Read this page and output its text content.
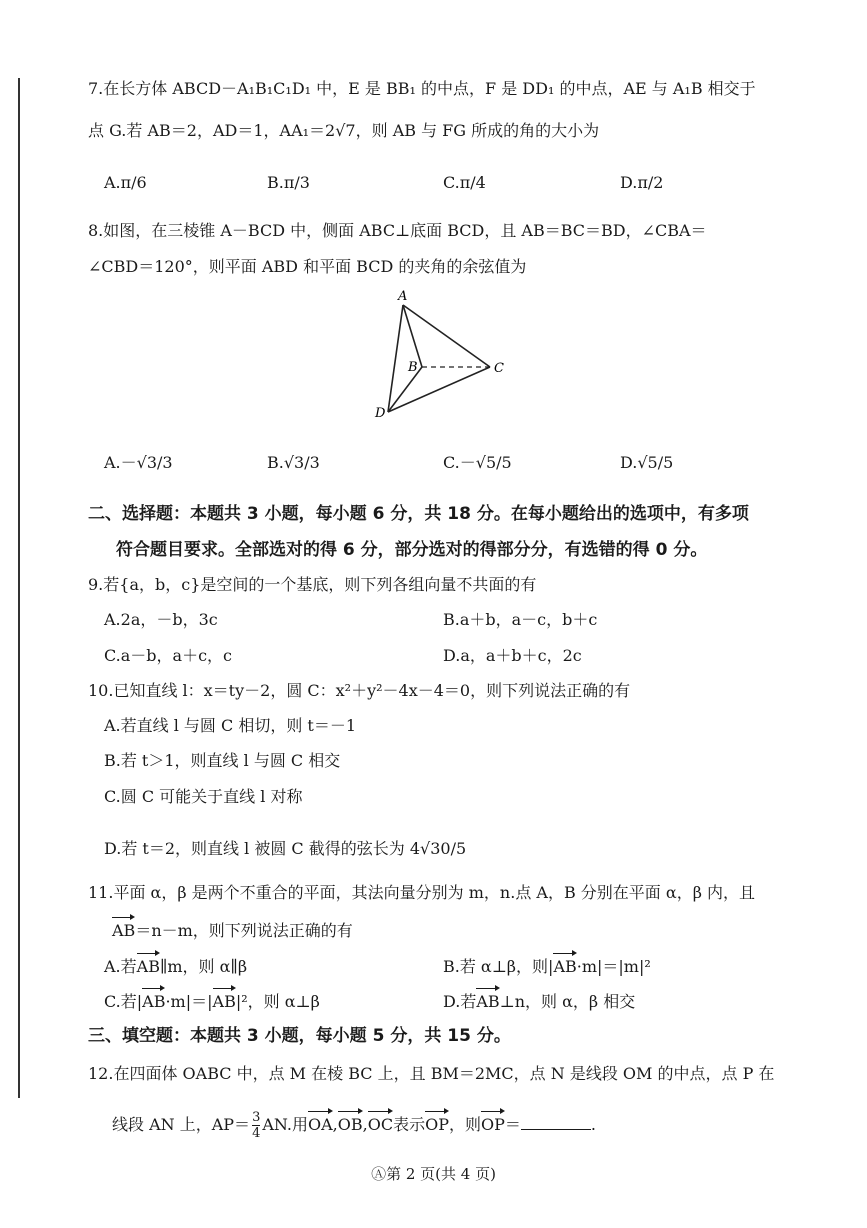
7.在长方体 ABCD－A₁B₁C₁D₁ 中，E 是 BB₁ 的中点，F 是 DD₁ 的中点，AE 与 A₁B 相交于
点 G.若 AB＝2，AD＝1，AA₁＝2√7，则 AB 与 FG 所成的角的大小为
A.π/6	B.π/3	C.π/4	D.π/2
8.如图，在三棱锥 A－BCD 中，侧面 ABC⊥底面 BCD，且 AB＝BC＝BD，∠CBA＝
∠CBD＝120°，则平面 ABD 和平面 BCD 的夹角的余弦值为
A
B	C
D
A.－√3/3	B.√3/3	C.－√5/5	D.√5/5
二、选择题：本题共 3 小题，每小题 6 分，共 18 分。在每小题给出的选项中，有多项
符合题目要求。全部选对的得 6 分，部分选对的得部分分，有选错的得 0 分。
9.若{a，b，c}是空间的一个基底，则下列各组向量不共面的有
A.2a，－b，3c	B.a＋b，a－c，b＋c
C.a－b，a＋c，c	D.a，a＋b＋c，2c
10.已知直线 l：x＝ty－2，圆 C：x²＋y²－4x－4＝0，则下列说法正确的有
A.若直线 l 与圆 C 相切，则 t＝－1
B.若 t＞1，则直线 l 与圆 C 相交
C.圆 C 可能关于直线 l 对称
D.若 t＝2，则直线 l 被圆 C 截得的弦长为 4√30/5
11.平面 α，β 是两个不重合的平面，其法向量分别为 m，n.点 A，B 分别在平面 α，β 内，且
AB＝n－m，则下列说法正确的有
A.若AB∥m，则 α∥β	B.若 α⊥β，则|AB·m|＝|m|²
C.若|AB·m|＝|AB|²，则 α⊥β	D.若AB⊥n，则 α，β 相交
三、填空题：本题共 3 小题，每小题 5 分，共 15 分。
12.在四面体 OABC 中，点 M 在棱 BC 上，且 BM＝2MC，点 N 是线段 OM 的中点，点 P 在
线段 AN 上，$AP= \frac{3}{4}$ AN.用OA,OB,OC表示OP，则OP＝	.
Ⓐ第 2 页(共 4 页)
